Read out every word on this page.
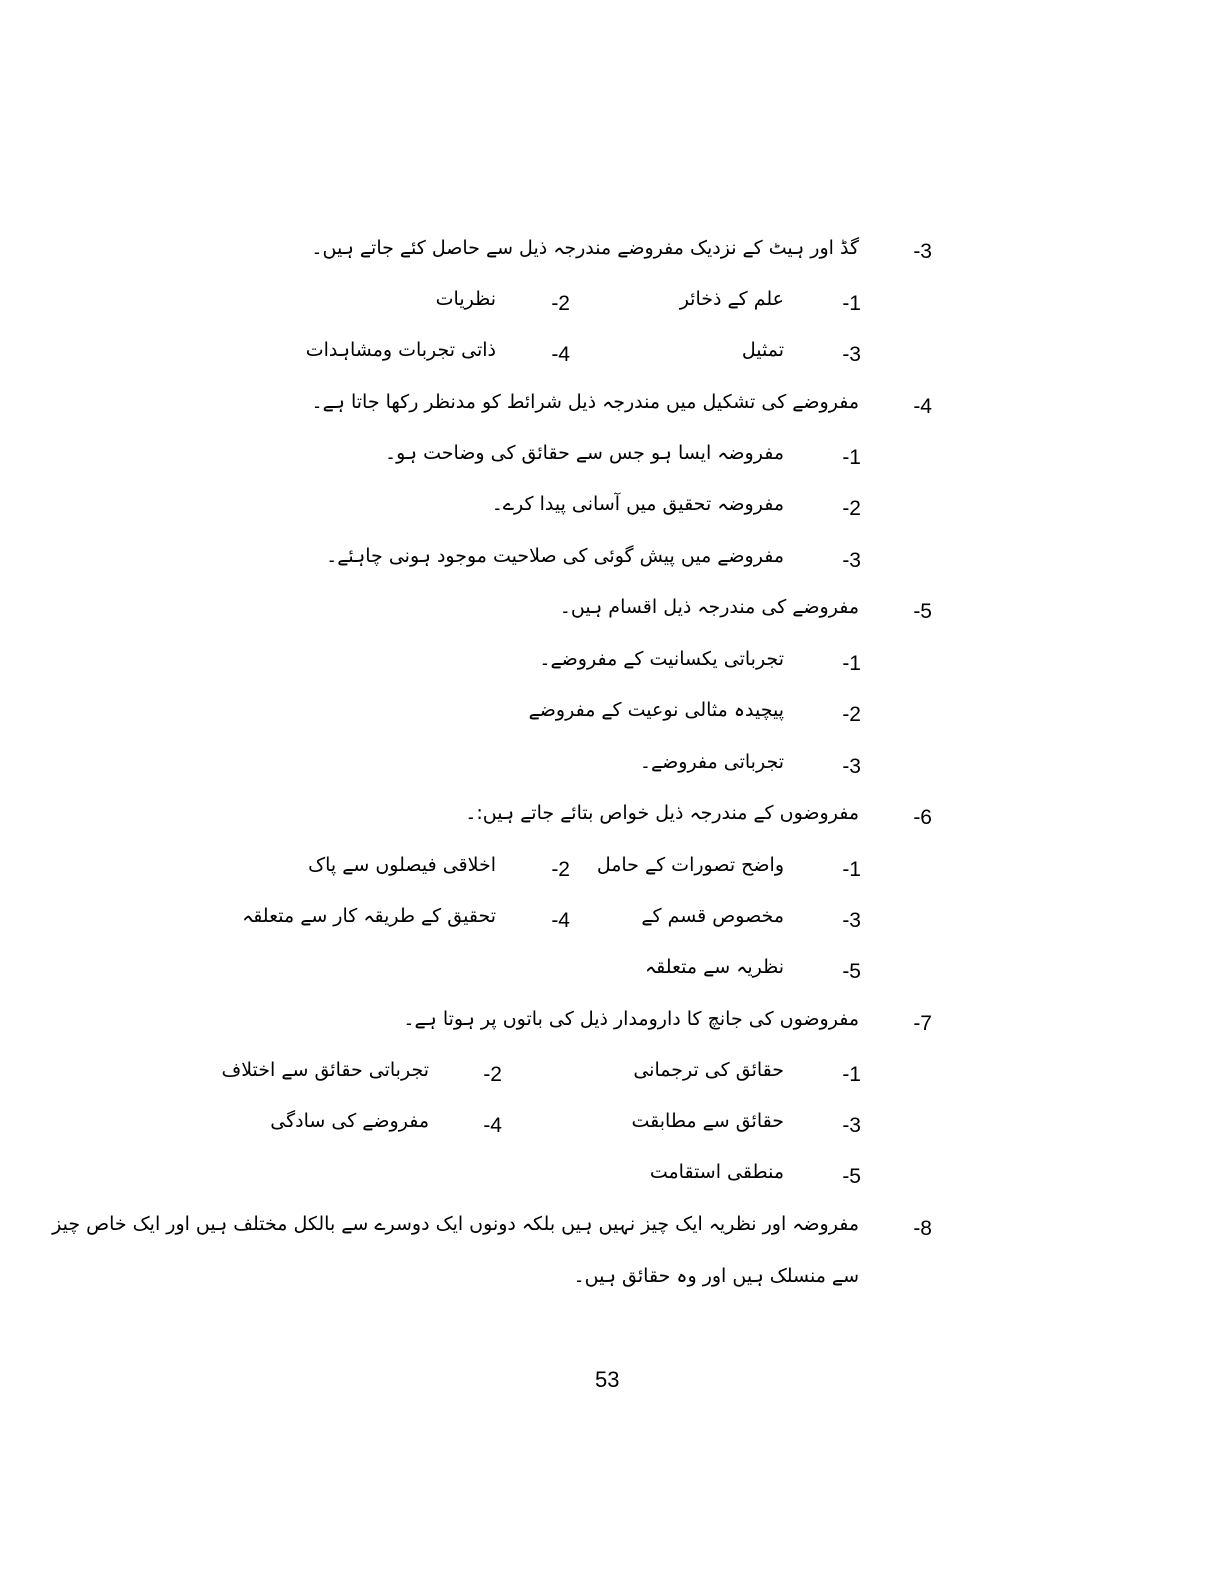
-3
گڈ اور ہیٹ کے نزدیک مفروضے مندرجہ ذیل سے حاصل کئے جاتے ہیں۔
-1
علم کے ذخائر
-2
نظریات
-3
تمثیل
-4
ذاتی تجربات ومشاہدات
-4
مفروضے کی تشکیل میں مندرجہ ذیل شرائط کو مدنظر رکھا جاتا ہے۔
-1
مفروضہ ایسا ہو جس سے حقائق کی وضاحت ہو۔
-2
مفروضہ تحقیق میں آسانی پیدا کرے۔
-3
مفروضے میں پیش گوئی کی صلاحیت موجود ہونی چاہئے۔
-5
مفروضے کی مندرجہ ذیل اقسام ہیں۔
-1
تجرباتی یکسانیت کے مفروضے۔
-2
پیچیدہ مثالی نوعیت کے مفروضے
-3
تجرباتی مفروضے۔
-6
مفروضوں کے مندرجہ ذیل خواص بتائے جاتے ہیں:۔
-1
واضح تصورات کے حامل
-2
اخلاقی فیصلوں سے پاک
-3
مخصوص قسم کے
-4
تحقیق کے طریقہ کار سے متعلقہ
-5
نظریہ سے متعلقہ
-7
مفروضوں کی جانچ کا دارومدار ذیل کی باتوں پر ہوتا ہے۔
-1
حقائق کی ترجمانی
-2
تجرباتی حقائق سے اختلاف
-3
حقائق سے مطابقت
-4
مفروضے کی سادگی
-5
منطقی استقامت
-8
مفروضہ اور نظریہ ایک چیز نہیں ہیں بلکہ دونوں ایک دوسرے سے بالکل مختلف ہیں اور ایک خاص چیز
سے منسلک ہیں اور وہ حقائق ہیں۔
53
